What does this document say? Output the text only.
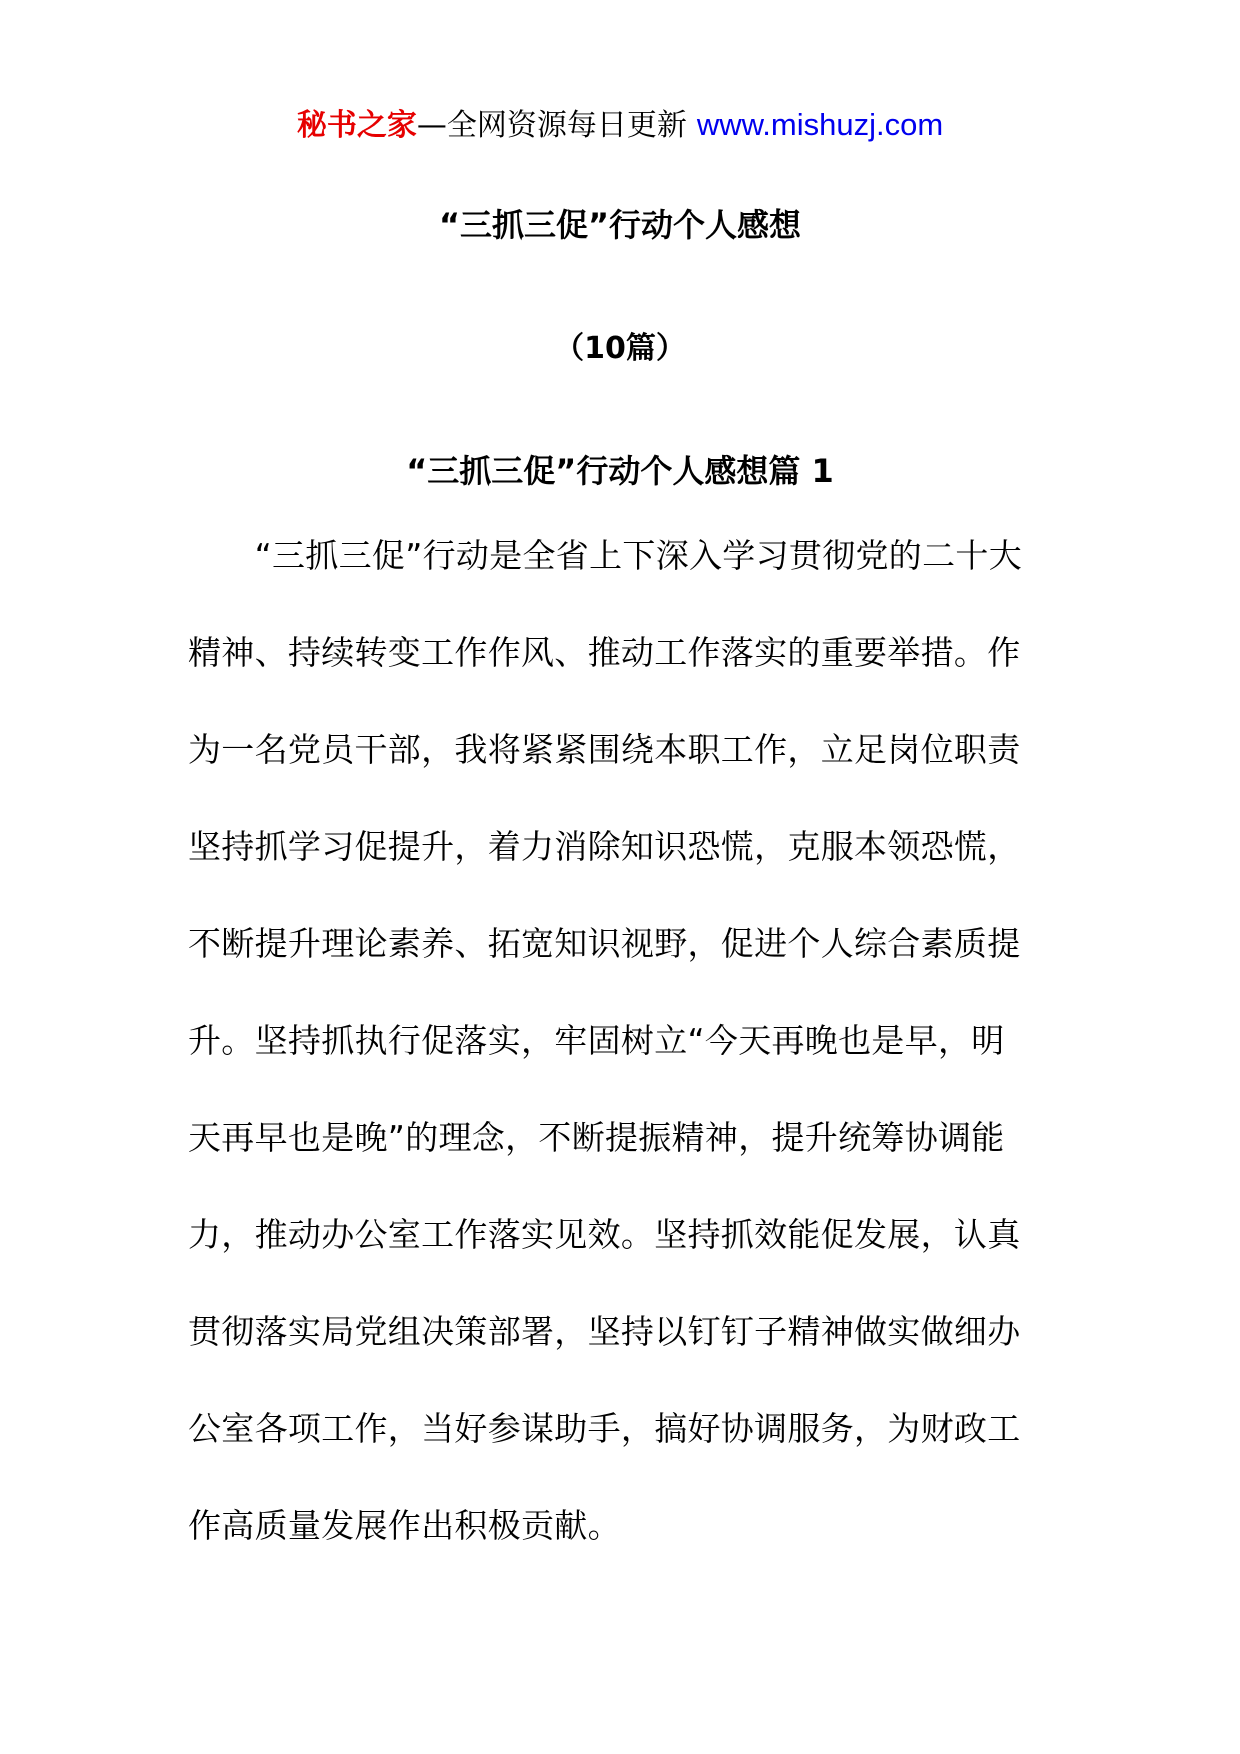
秘书之家—全网资源每日更新 www.mishuzj.com
“三抓三促”行动个人感想
（10篇）
“三抓三促”行动个人感想篇 1
　　“三抓三促”行动是全省上下深入学习贯彻党的二十大
精神、持续转变工作作风、推动工作落实的重要举措。作
为一名党员干部，我将紧紧围绕本职工作，立足岗位职责
坚持抓学习促提升，着力消除知识恐慌，克服本领恐慌，
不断提升理论素养、拓宽知识视野，促进个人综合素质提
升。坚持抓执行促落实，牢固树立“今天再晚也是早，明
天再早也是晚”的理念，不断提振精神，提升统筹协调能
力，推动办公室工作落实见效。坚持抓效能促发展，认真
贯彻落实局党组决策部署，坚持以钉钉子精神做实做细办
公室各项工作，当好参谋助手，搞好协调服务，为财政工
作高质量发展作出积极贡献。
